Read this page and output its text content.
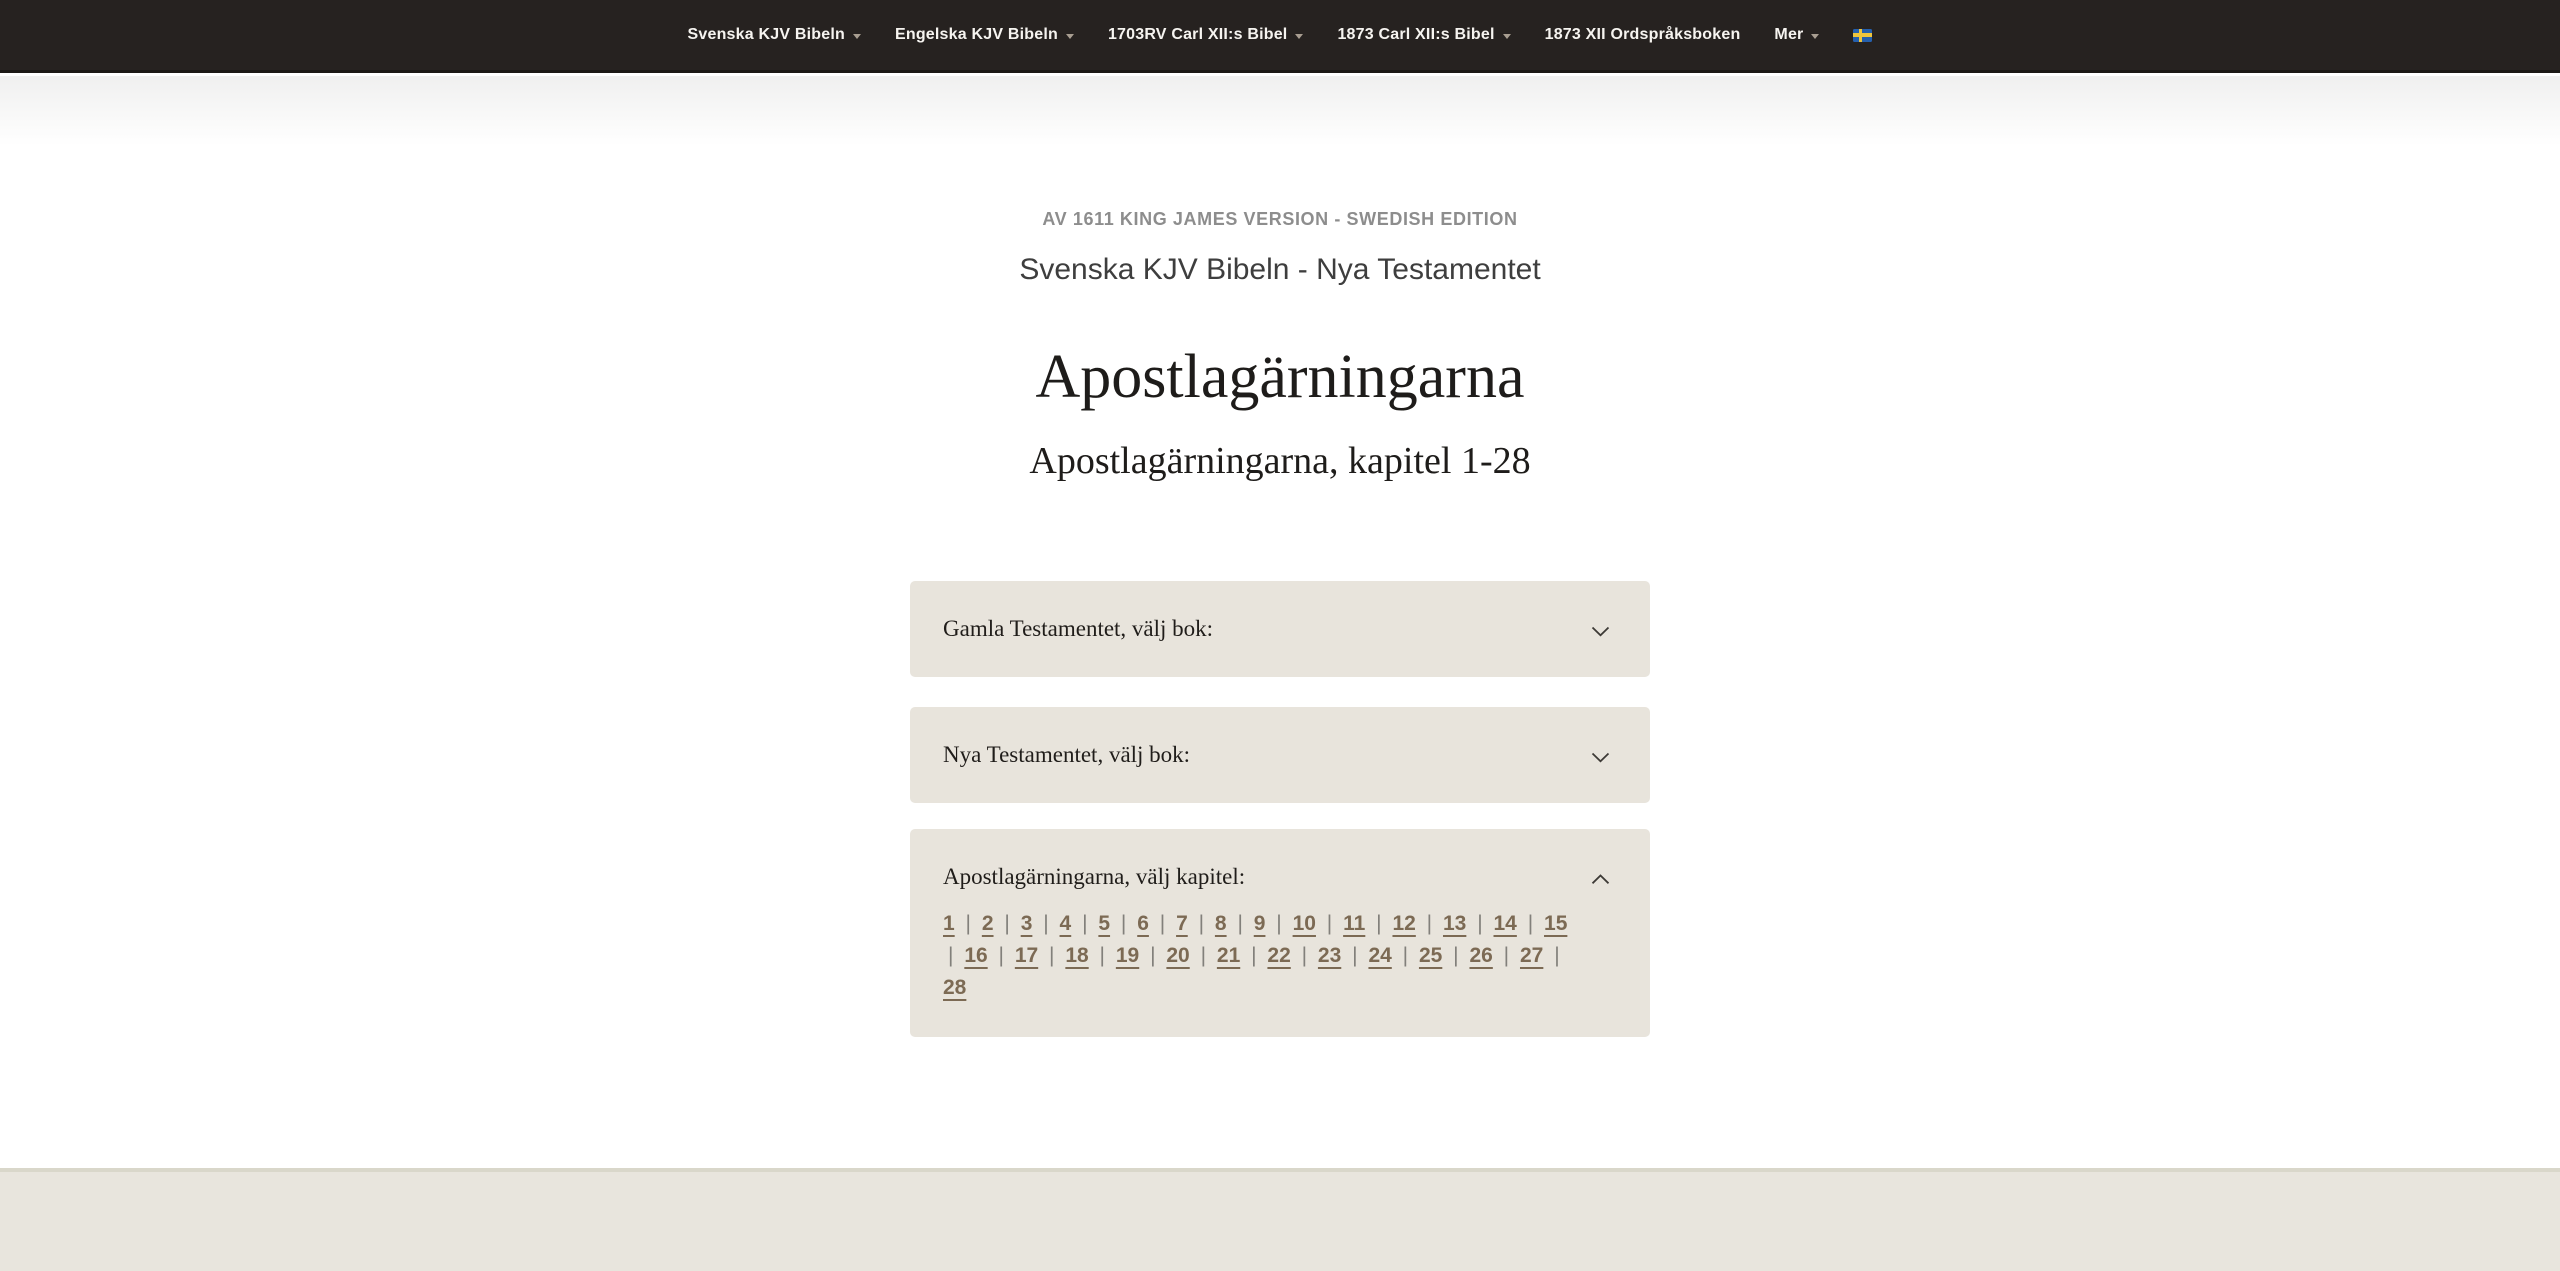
Svenska KJV Bibeln	Engelska KJV Bibeln	1703RV Carl XII:s Bibel	1873 Carl XII:s Bibel	1873 XII Ordspråksboken Mer
AV 1611 KING JAMES VERSION - SWEDISH EDITION
Svenska KJV Bibeln - Nya Testamentet
Apostlagärningarna
Apostlagärningarna, kapitel 1-28
Gamla Testamentet, välj bok:
Nya Testamentet, välj bok:
Apostlagärningarna, välj kapitel:
1 | 2 | 3 | 4 | 5 | 6 | 7 | 8 | 9 | 10 | 11 | 12 | 13 | 14 | 15 | 16 | 17 | 18 | 19 | 20 | 21 | 22 | 23 | 24 | 25 | 26 | 27 | 28
